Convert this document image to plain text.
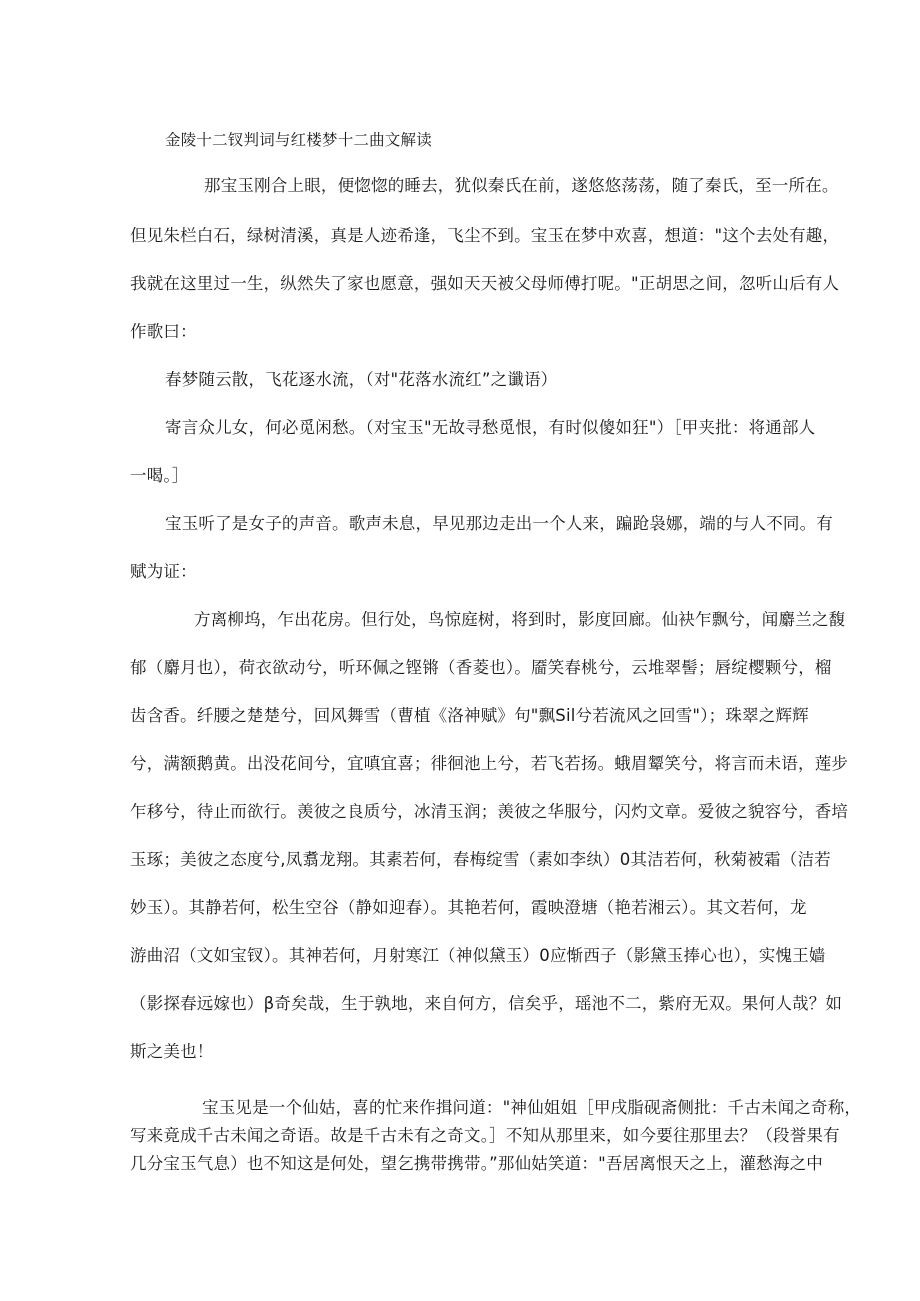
金陵十二钗判词与红楼梦十二曲文解读
那宝玉刚合上眼，便惚惚的睡去，犹似秦氏在前，遂悠悠荡荡，随了秦氏，至一所在。
但见朱栏白石，绿树清溪，真是人迹希逢，飞尘不到。宝玉在梦中欢喜，想道："这个去处有趣，
我就在这里过一生，纵然失了家也愿意，强如天天被父母师傅打呢。"正胡思之间，忽听山后有人
作歌曰：
春梦随云散，飞花逐水流，（对"花落水流红”之谶语）
寄言众儿女，何必觅闲愁。（对宝玉"无故寻愁觅恨，有时似傻如狂"）［甲夹批：将通部人
一喝。］
宝玉听了是女子的声音。歌声未息，早见那边走出一个人来，蹁跄袅娜，端的与人不同。有
赋为证：
方离柳坞，乍出花房。但行处，鸟惊庭树，将到时，影度回廊。仙袂乍飘兮，闻麝兰之馥
郁（麝月也），荷衣欲动兮，听环佩之铿锵（香菱也）。靥笑春桃兮，云堆翠髻；唇绽樱颗兮，榴
齿含香。纤腰之楚楚兮，回风舞雪（曹植《洛神赋》句"飘Sil兮若流风之回雪"）；珠翠之辉辉
兮，满额鹅黄。出没花间兮，宜嗔宜喜；徘徊池上兮，若飞若扬。蛾眉颦笑兮，将言而未语，莲步
乍移兮，待止而欲行。羡彼之良质兮，冰清玉润；羡彼之华服兮，闪灼文章。爱彼之貌容兮，香培
玉琢；美彼之态度兮,凤翥龙翔。其素若何，春梅绽雪（素如李纨）0其洁若何，秋菊被霜（洁若
妙玉）。其静若何，松生空谷（静如迎春）。其艳若何，霞映澄塘（艳若湘云）。其文若何，龙
游曲沼（文如宝钗）。其神若何，月射寒江（神似黛玉）0应惭西子（影黛玉捧心也），实愧王嫱
（影探春远嫁也）β奇矣哉，生于孰地，来自何方，信矣乎，瑶池不二，紫府无双。果何人哉？如
斯之美也！
宝玉见是一个仙姑，喜的忙来作揖问道："神仙姐姐［甲戌脂砚斋侧批：千古未闻之奇称，
写来竟成千古未闻之奇语。故是千古未有之奇文。］不知从那里来，如今要往那里去？（段誉果有
几分宝玉气息）也不知这是何处，望乞携带携带。”那仙姑笑道："吾居离恨天之上，灌愁海之中
